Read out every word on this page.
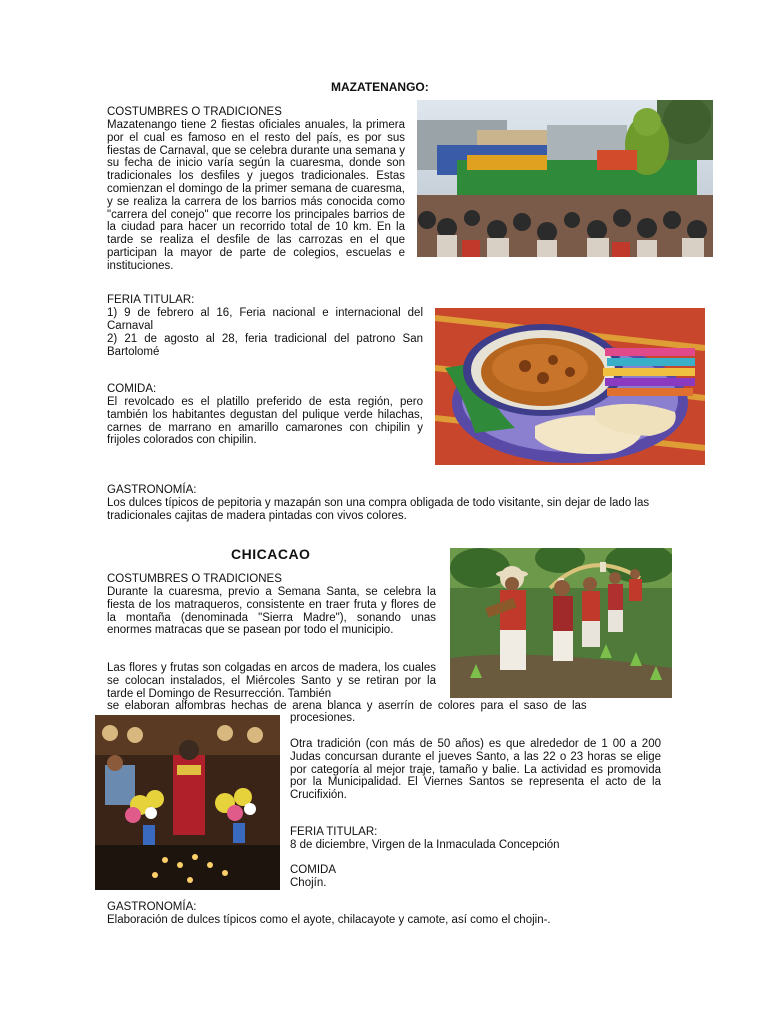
MAZATENANGO:
COSTUMBRES O TRADICIONES

Mazatenango tiene 2 fiestas oficiales anuales, la primera por el cual es famoso en el resto del país, es por sus fiestas de Carnaval, que se celebra durante una semana y su fecha de inicio varía según la cuaresma, donde son tradicionales los desfiles y juegos tradicionales. Estas comienzan el domingo de la primer semana de cuaresma, y se realiza la carrera de los barrios más conocida como "carrera del conejo" que recorre los principales barrios de la ciudad para hacer un recorrido total de 10 km. En la tarde se realiza el desfile de las carrozas en el que participan la mayor de parte de colegios, escuelas e instituciones.

FERIA TITULAR:

1) 9 de febrero al 16, Feria nacional e internacional del Carnaval

2) 21 de agosto al 28, feria tradicional del patrono San Bartolomé

COMIDA:

El revolcado es el platillo preferido de esta región, pero también los habitantes degustan del pulique verde hilachas, carnes de marrano en amarillo camarones con chipilin y frijoles colorados con chipilin.

GASTRONOMÍA:

Los dulces típicos de pepitoria y mazapán son una compra obligada de todo visitante, sin dejar de lado las tradicionales cajitas de madera pintadas con vivos colores.

CHICACAO
COSTUMBRES O TRADICIONES

Durante la cuaresma, previo a Semana Santa, se celebra la fiesta de los matraqueros, consistente en traer fruta y flores de la montaña (denominada "Sierra Madre"), sonando unas enormes matracas que se pasean por todo el municipio.

Las flores y frutas son colgadas en arcos de madera, los cuales se colocan instalados, el Miércoles Santo y se retiran por la tarde el Domingo de Resurrección. También

se elaboran alfombras hechas de arena blanca y aserrín de colores para el saso de las

procesiones.

Otra tradición (con más de 50 años) es que alrededor de 1 00 a 200 Judas concursan durante el jueves Santo, a las 22 o 23 horas se elige por categoría al mejor traje, tamaño y balie. La actividad es promovida por la Municipalidad. El Viernes Santos se representa el acto de la Crucifixión.

FERIA TITULAR:
8 de diciembre, Virgen de la Inmaculada Concepción
COMIDA
Chojín.
GASTRONOMÍA:
Elaboración de dulces típicos como el ayote, chilacayote y camote, así como el chojin-.
